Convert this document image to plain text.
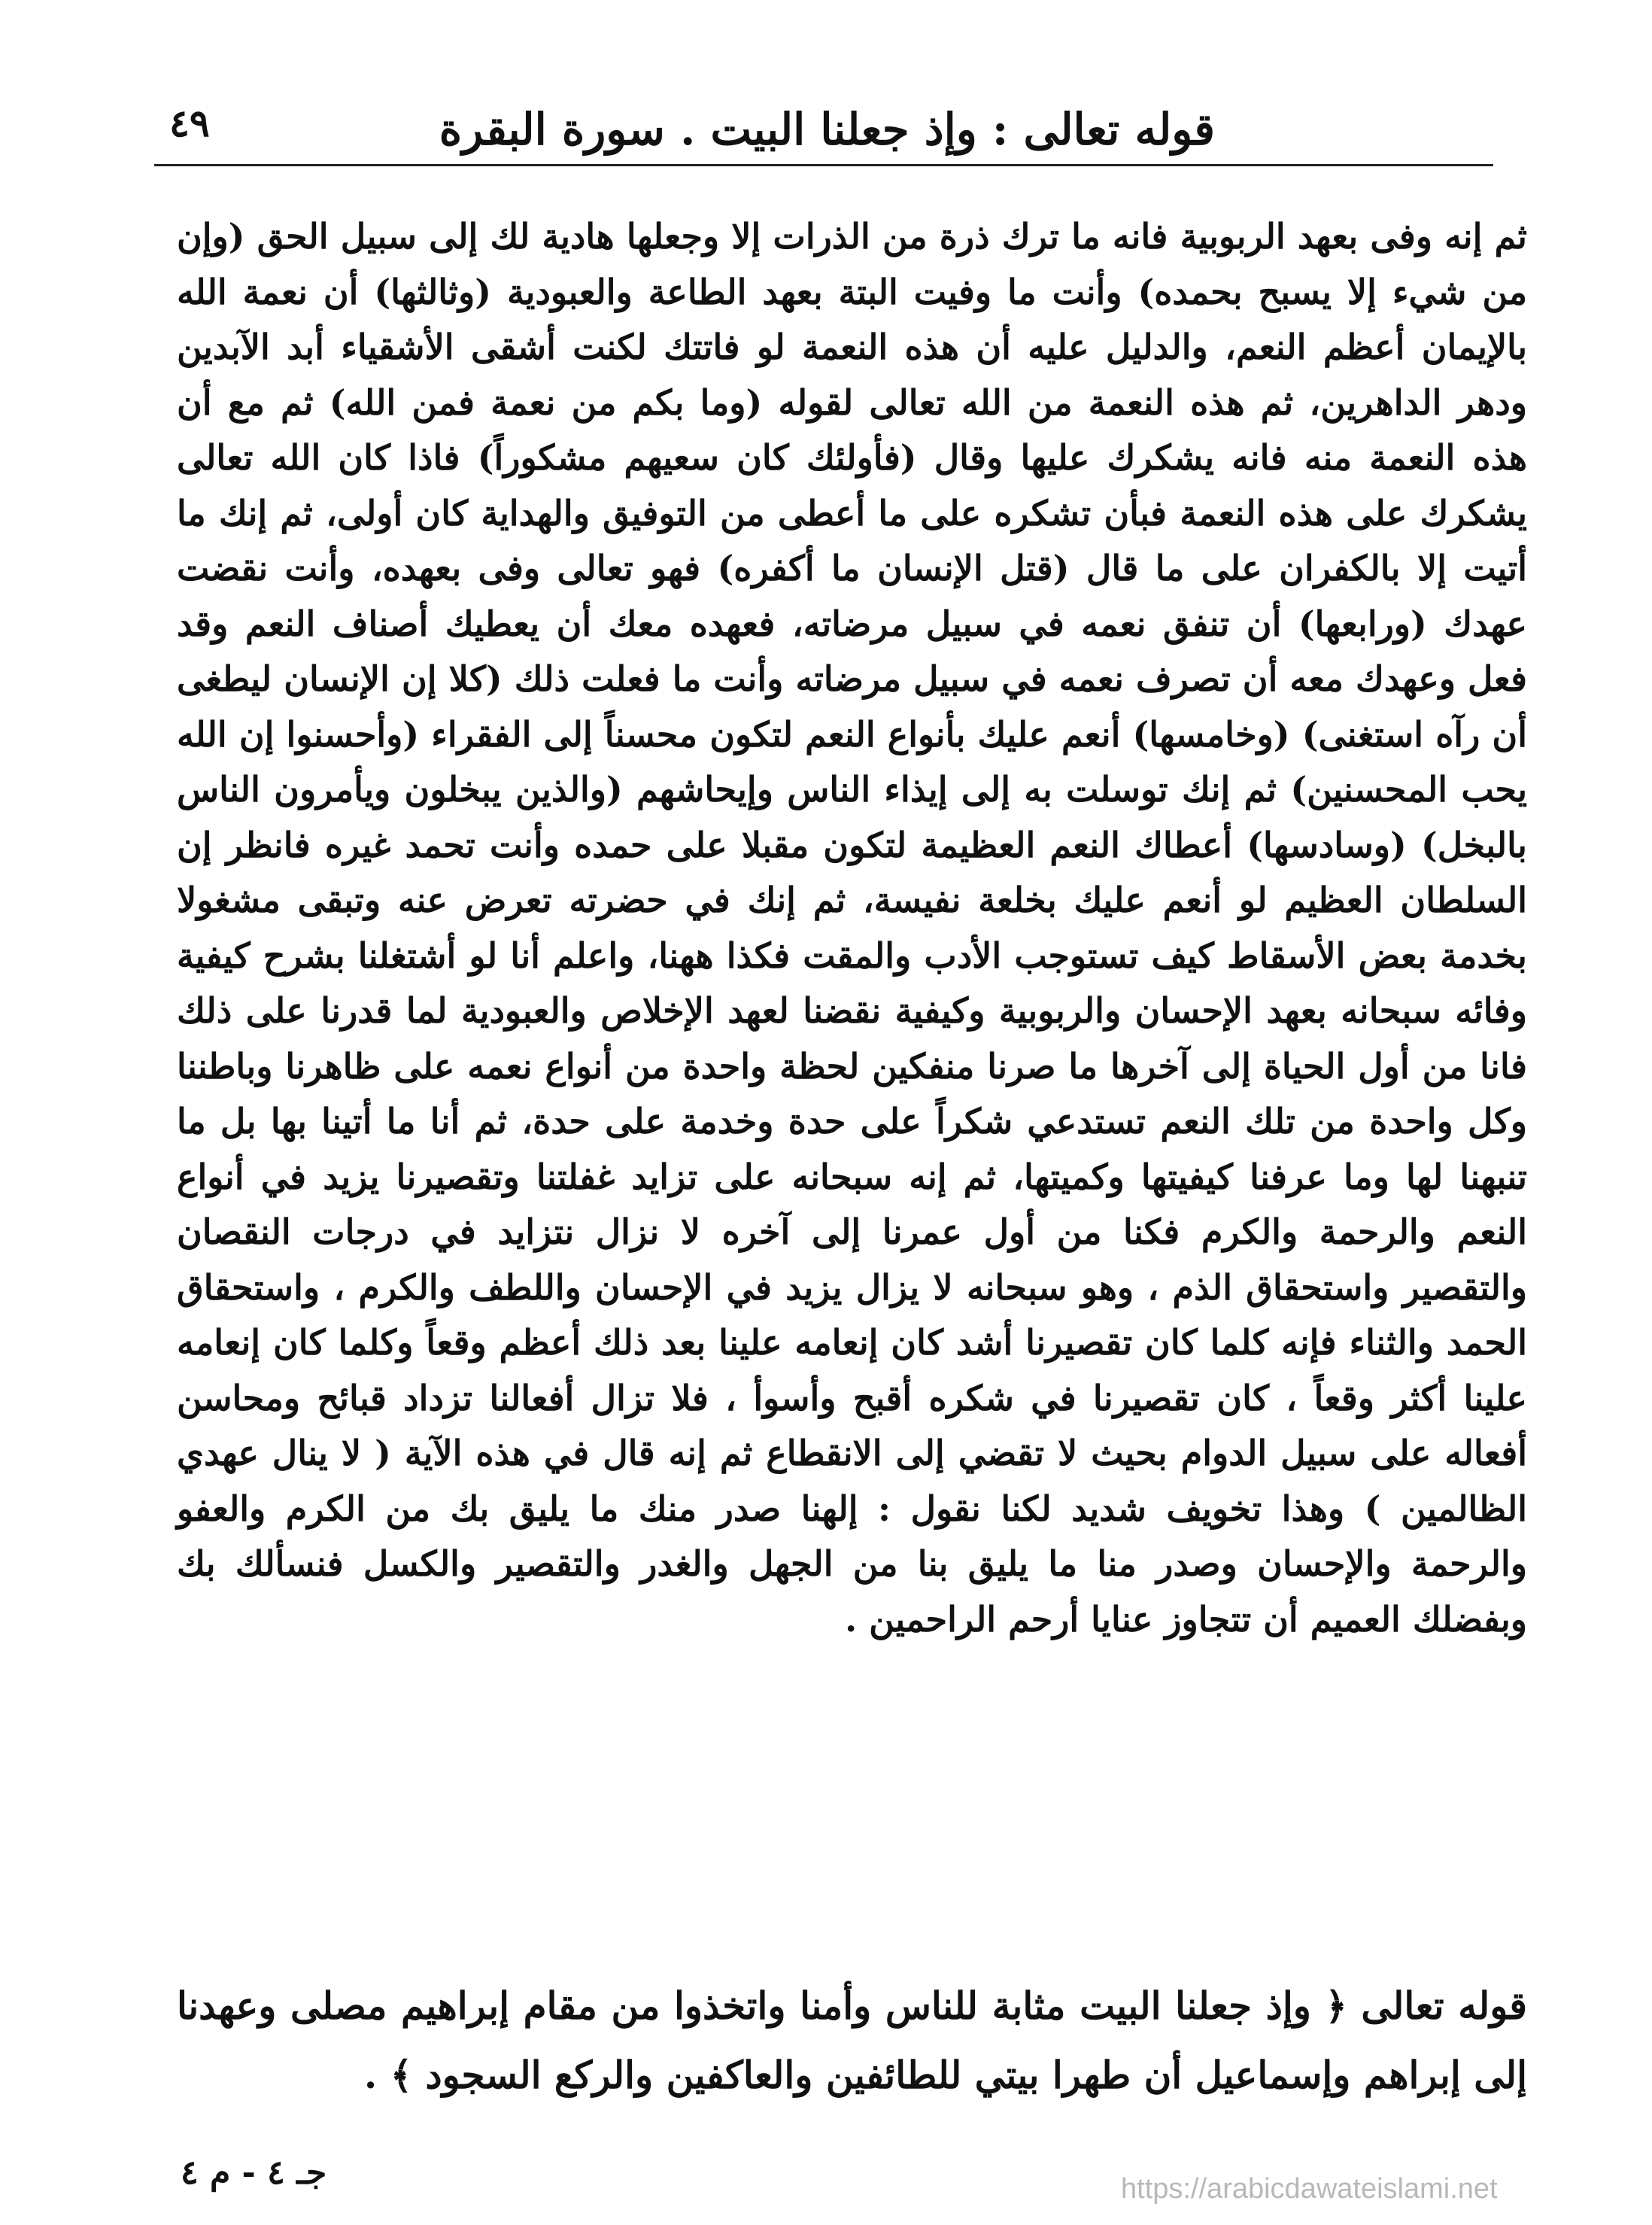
قوله تعالى : وإذ جعلنا البيت . سورة البقرة
٤٩

ثم إنه وفى بعهد الربوبية فانه ما ترك ذرة من الذرات إلا وجعلها هادية لك إلى سبيل الحق (وإن من شيء إلا يسبح بحمده) وأنت ما وفيت البتة بعهد الطاعة والعبودية (وثالثها) أن نعمة الله بالإيمان أعظم النعم، والدليل عليه أن هذه النعمة لو فاتتك لكنت أشقى الأشقياء أبد الآبدين ودهر الداهرين، ثم هذه النعمة من الله تعالى لقوله (وما بكم من نعمة فمن الله) ثم مع أن هذه النعمة منه فانه يشكرك عليها وقال (فأولئك كان سعيهم مشكوراً) فاذا كان الله تعالى يشكرك على هذه النعمة فبأن تشكره على ما أعطى من التوفيق والهداية كان أولى، ثم إنك ما أتيت إلا بالكفران على ما قال (قتل الإنسان ما أكفره) فهو تعالى وفى بعهده، وأنت نقضت عهدك (ورابعها) أن تنفق نعمه في سبيل مرضاته، فعهده معك أن يعطيك أصناف النعم وقد فعل وعهدك معه أن تصرف نعمه في سبيل مرضاته وأنت ما فعلت ذلك (كلا إن الإنسان ليطغى أن رآه استغنى) (وخامسها) أنعم عليك بأنواع النعم لتكون محسناً إلى الفقراء (وأحسنوا إن الله يحب المحسنين) ثم إنك توسلت به إلى إيذاء الناس وإيحاشهم (والذين يبخلون ويأمرون الناس بالبخل) (وسادسها) أعطاك النعم العظيمة لتكون مقبلا على حمده وأنت تحمد غيره فانظر إن السلطان العظيم لو أنعم عليك بخلعة نفيسة، ثم إنك في حضرته تعرض عنه وتبقى مشغولا بخدمة بعض الأسقاط كيف تستوجب الأدب والمقت فكذا ههنا، واعلم أنا لو أشتغلنا بشرح كيفية وفائه سبحانه بعهد الإحسان والربوبية وكيفية نقضنا لعهد الإخلاص والعبودية لما قدرنا على ذلك فانا من أول الحياة إلى آخرها ما صرنا منفكين لحظة واحدة من أنواع نعمه على ظاهرنا وباطننا وكل واحدة من تلك النعم تستدعي شكراً على حدة وخدمة على حدة، ثم أنا ما أتينا بها بل ما تنبهنا لها وما عرفنا كيفيتها وكميتها، ثم إنه سبحانه على تزايد غفلتنا وتقصيرنا يزيد في أنواع النعم والرحمة والكرم فكنا من أول عمرنا إلى آخره لا نزال نتزايد في درجات النقصان والتقصير واستحقاق الذم ، وهو سبحانه لا يزال يزيد في الإحسان واللطف والكرم ، واستحقاق الحمد والثناء فإنه كلما كان تقصيرنا أشد كان إنعامه علينا بعد ذلك أعظم وقعاً وكلما كان إنعامه علينا أكثر وقعاً ، كان تقصيرنا في شكره أقبح وأسوأ ، فلا تزال أفعالنا تزداد قبائح ومحاسن أفعاله على سبيل الدوام بحيث لا تقضي إلى الانقطاع ثم إنه قال في هذه الآية ( لا ينال عهدي الظالمين ) وهذا تخويف شديد لكنا نقول : إلهنا صدر منك ما يليق بك من الكرم والعفو والرحمة والإحسان وصدر منا ما يليق بنا من الجهل والغدر والتقصير والكسل فنسألك بك وبفضلك العميم أن تتجاوز عنايا أرحم الراحمين .

قوله تعالى ﴿ وإذ جعلنا البيت مثابة للناس وأمنا واتخذوا من مقام إبراهيم مصلى وعهدنا إلى إبراهم وإسماعيل أن طهرا بيتي للطائفين والعاكفين والركع السجود ﴾ .

جـ ٤ - م ٤	https://arabicdawateislami.net
